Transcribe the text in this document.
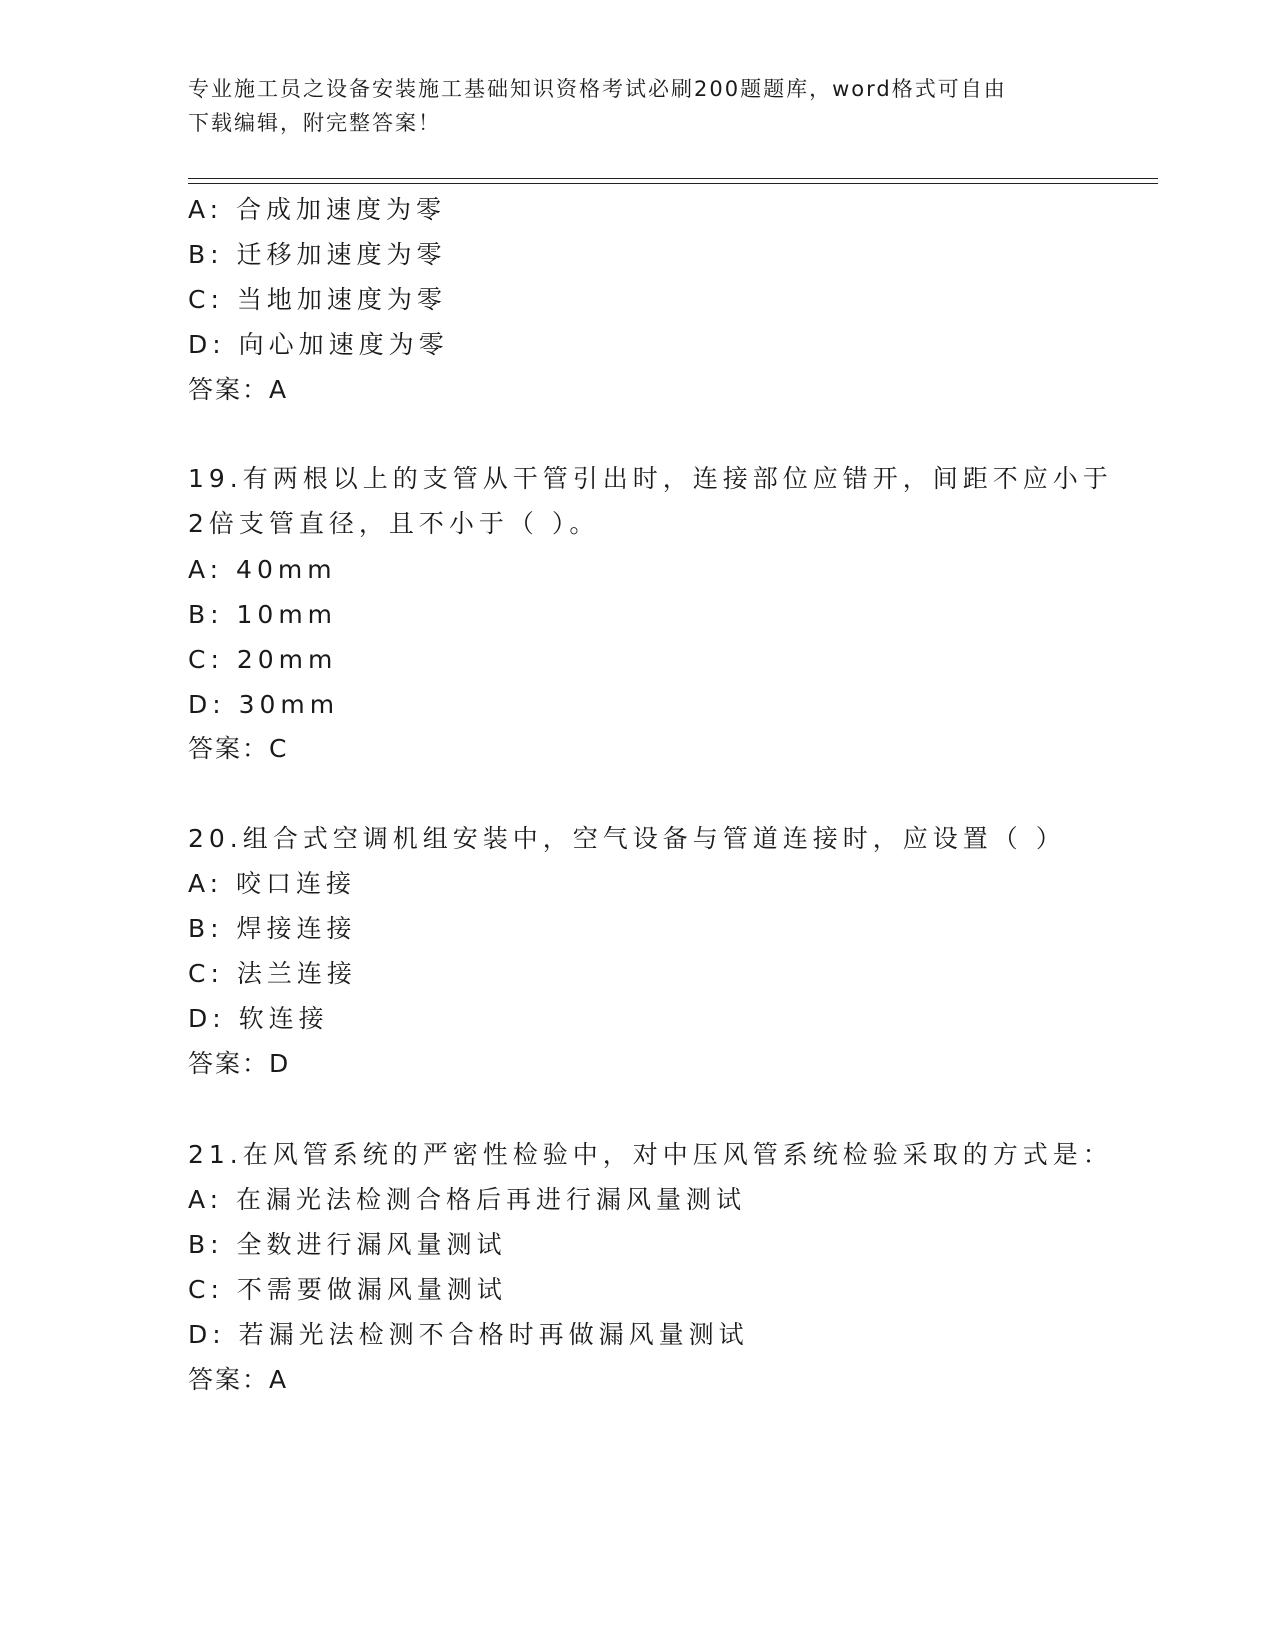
专业施工员之设备安装施工基础知识资格考试必刷200题题库，word格式可自由
下载编辑，附完整答案！
A: 合成加速度为零
B: 迁移加速度为零
C: 当地加速度为零
D: 向心加速度为零
答案：A
19.有两根以上的支管从干管引出时，连接部位应错开，间距不应小于
2倍支管直径，且不小于（ ）。
A: 40mm
B: 10mm
C: 20mm
D: 30mm
答案：C
20.组合式空调机组安装中，空气设备与管道连接时，应设置（ ）
A: 咬口连接
B: 焊接连接
C: 法兰连接
D: 软连接
答案：D
21.在风管系统的严密性检验中，对中压风管系统检验采取的方式是：
A: 在漏光法检测合格后再进行漏风量测试
B: 全数进行漏风量测试
C: 不需要做漏风量测试
D: 若漏光法检测不合格时再做漏风量测试
答案：A
